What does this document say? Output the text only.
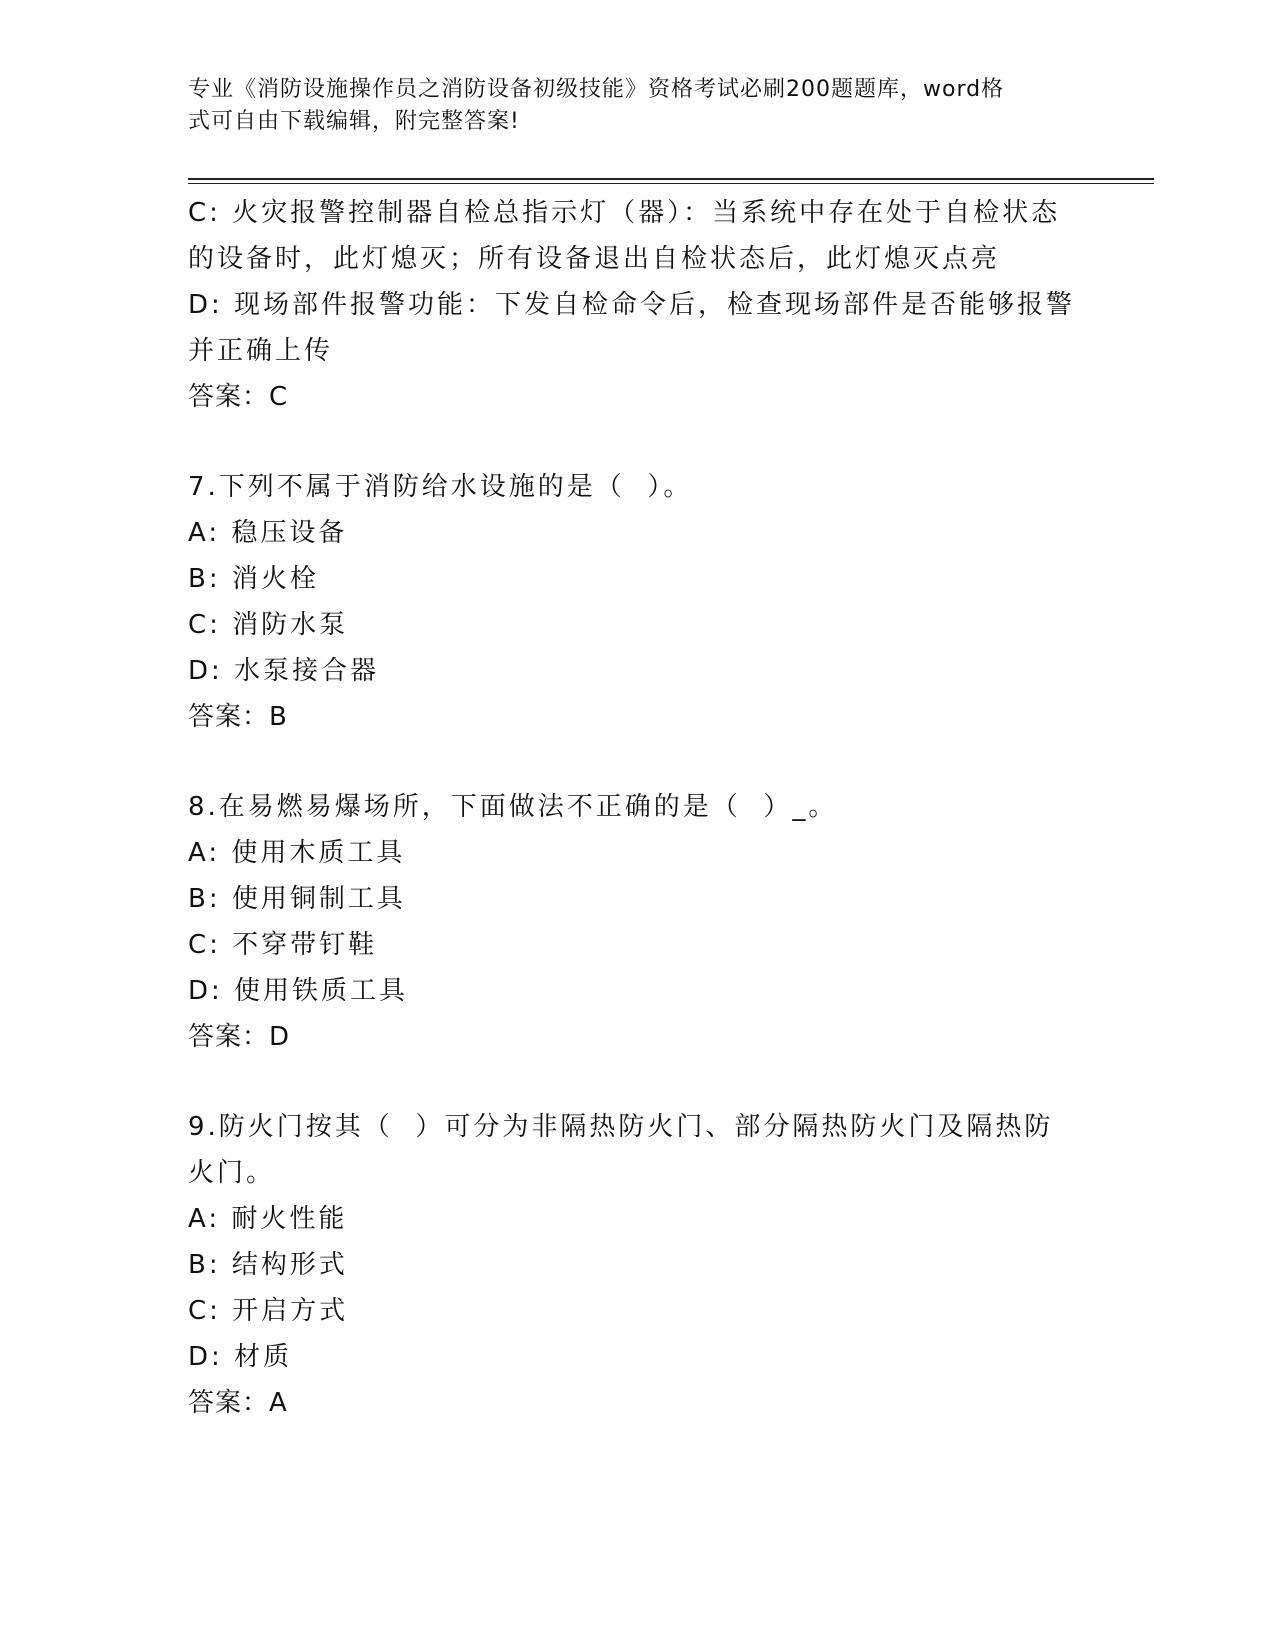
专业《消防设施操作员之消防设备初级技能》资格考试必刷200题题库，word格
式可自由下载编辑，附完整答案!

C: 火灾报警控制器自检总指示灯（器）：当系统中存在处于自检状态

的设备时，此灯熄灭；所有设备退出自检状态后，此灯熄灭点亮

D: 现场部件报警功能：下发自检命令后，检查现场部件是否能够报警

并正确上传

答案：C

7.下列不属于消防给水设施的是（  ）。

A: 稳压设备

B: 消火栓

C: 消防水泵

D: 水泵接合器

答案：B

8.在易燃易爆场所，下面做法不正确的是（  ）_。

A: 使用木质工具

B: 使用铜制工具

C: 不穿带钉鞋

D: 使用铁质工具

答案：D

9.防火门按其（  ）可分为非隔热防火门、部分隔热防火门及隔热防

火门。

A: 耐火性能

B: 结构形式

C: 开启方式

D: 材质

答案：A
